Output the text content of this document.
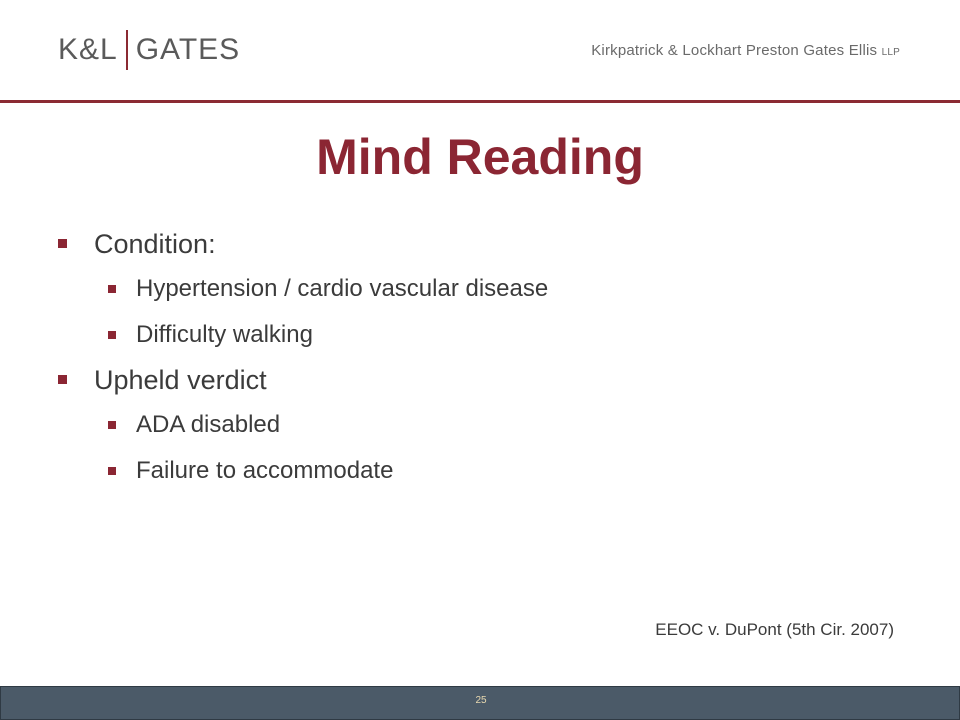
K&L GATES	Kirkpatrick & Lockhart Preston Gates Ellis LLP
Mind Reading
Condition:
Hypertension / cardio vascular disease
Difficulty walking
Upheld verdict
ADA disabled
Failure to accommodate
EEOC v. DuPont (5th Cir. 2007)
25
